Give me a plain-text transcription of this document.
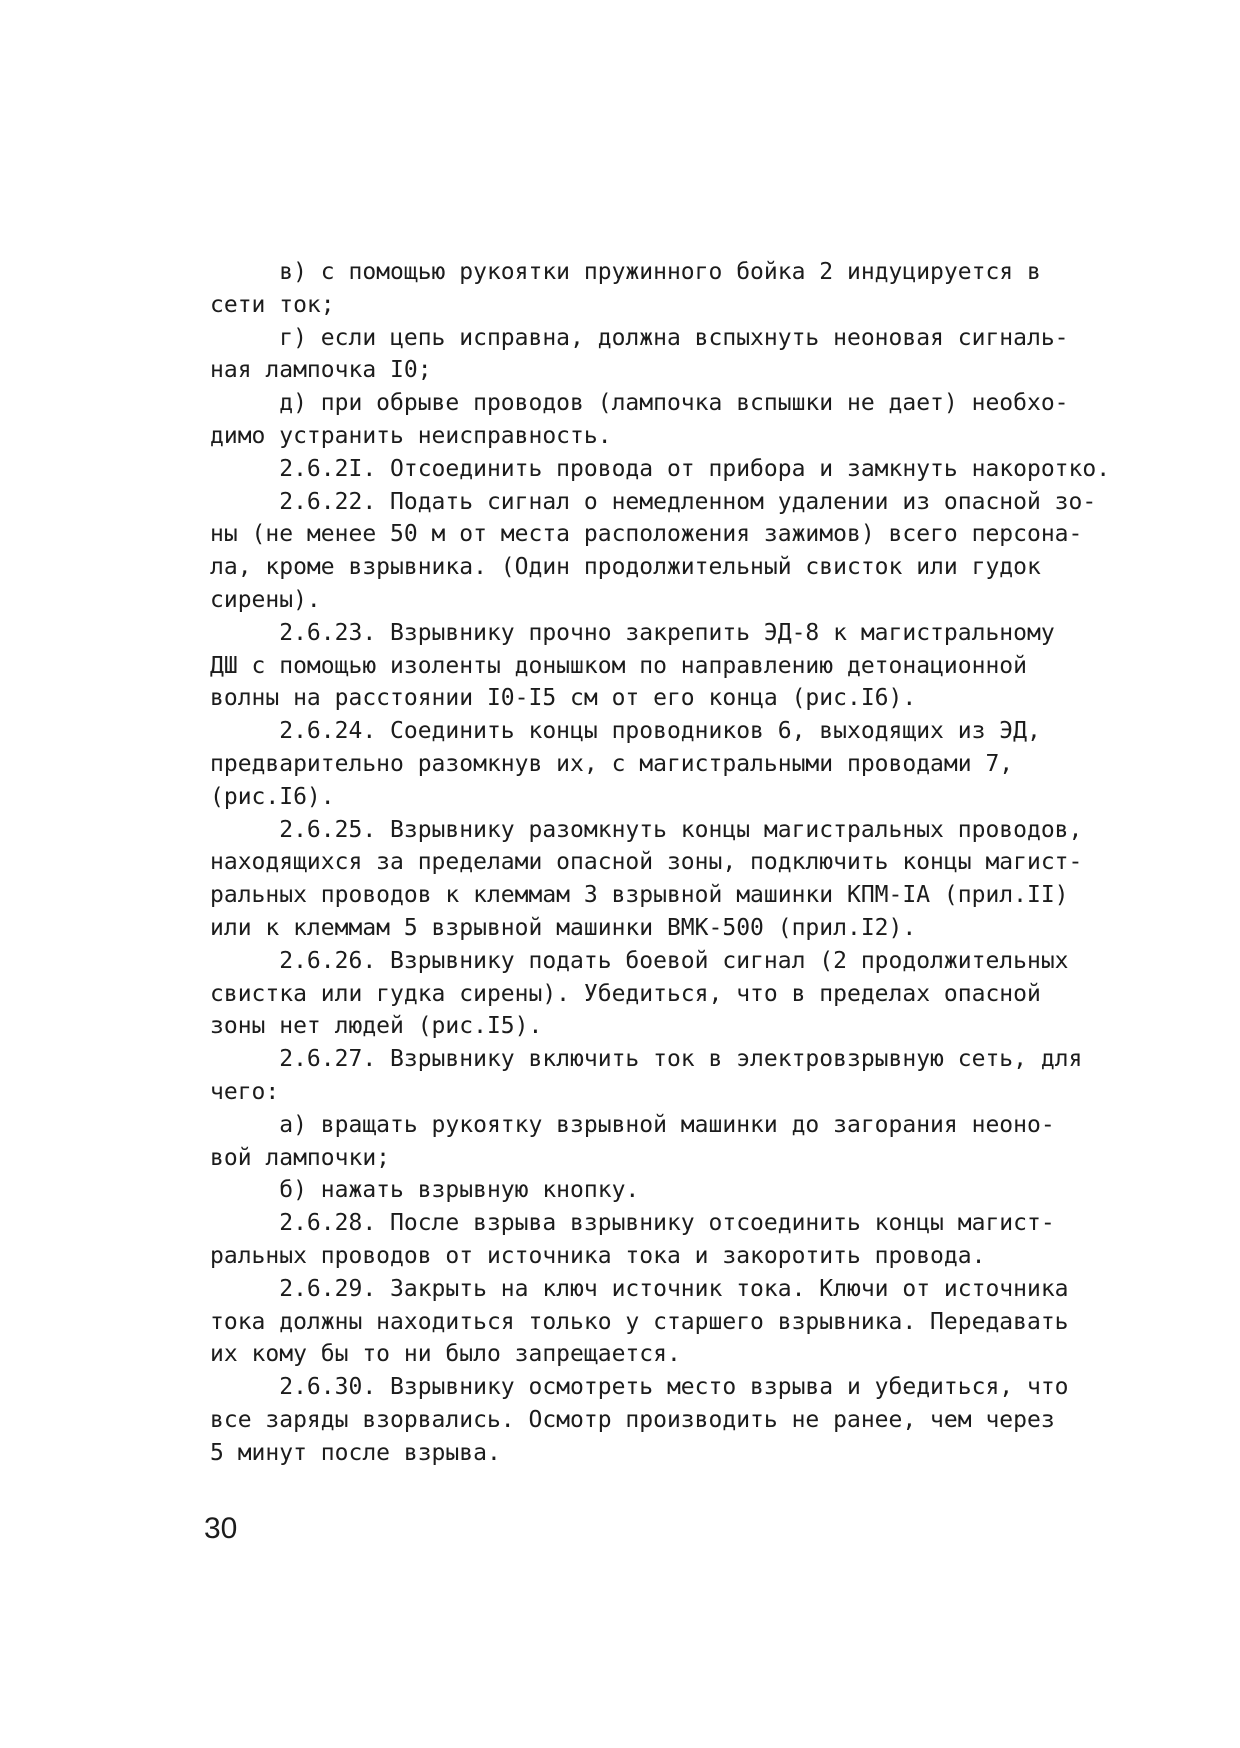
в) с помощью рукоятки пружинного бойка 2 индуцируется в
сети ток;
г) если цепь исправна, должна вспыхнуть неоновая сигналь-
ная лампочка I0;
д) при обрыве проводов (лампочка вспышки не дает) необхо-
димо устранить неисправность.
2.6.2I. Отсоединить провода от прибора и замкнуть накоротко.
2.6.22. Подать сигнал о немедленном удалении из опасной зо-
ны (не менее 50 м от места расположения зажимов) всего персона-
ла, кроме взрывника. (Один продолжительный свисток или гудок
сирены).
2.6.23. Взрывнику прочно закрепить ЭД-8 к магистральному
ДШ с помощью изоленты донышком по направлению детонационной
волны на расстоянии I0-I5 см от его конца (рис.I6).
2.6.24. Соединить концы проводников 6, выходящих из ЭД,
предварительно разомкнув их, с магистральными проводами 7,
(рис.I6).
2.6.25. Взрывнику разомкнуть концы магистральных проводов,
находящихся за пределами опасной зоны, подключить концы магист-
ральных проводов к клеммам 3 взрывной машинки КПМ-IA (прил.II)
или к клеммам 5 взрывной машинки ВМК-500 (прил.I2).
2.6.26. Взрывнику подать боевой сигнал (2 продолжительных
свистка или гудка сирены). Убедиться, что в пределах опасной
зоны нет людей (рис.I5).
2.6.27. Взрывнику включить ток в электровзрывную сеть, для
чего:
а) вращать рукоятку взрывной машинки до загорания неоно-
вой лампочки;
б) нажать взрывную кнопку.
2.6.28. После взрыва взрывнику отсоединить концы магист-
ральных проводов от источника тока и закоротить провода.
2.6.29. Закрыть на ключ источник тока. Ключи от источника
тока должны находиться только у старшего взрывника. Передавать
их кому бы то ни было запрещается.
2.6.30. Взрывнику осмотреть место взрыва и убедиться, что
все заряды взорвались. Осмотр производить не ранее, чем через
5 минут после взрыва.
30
